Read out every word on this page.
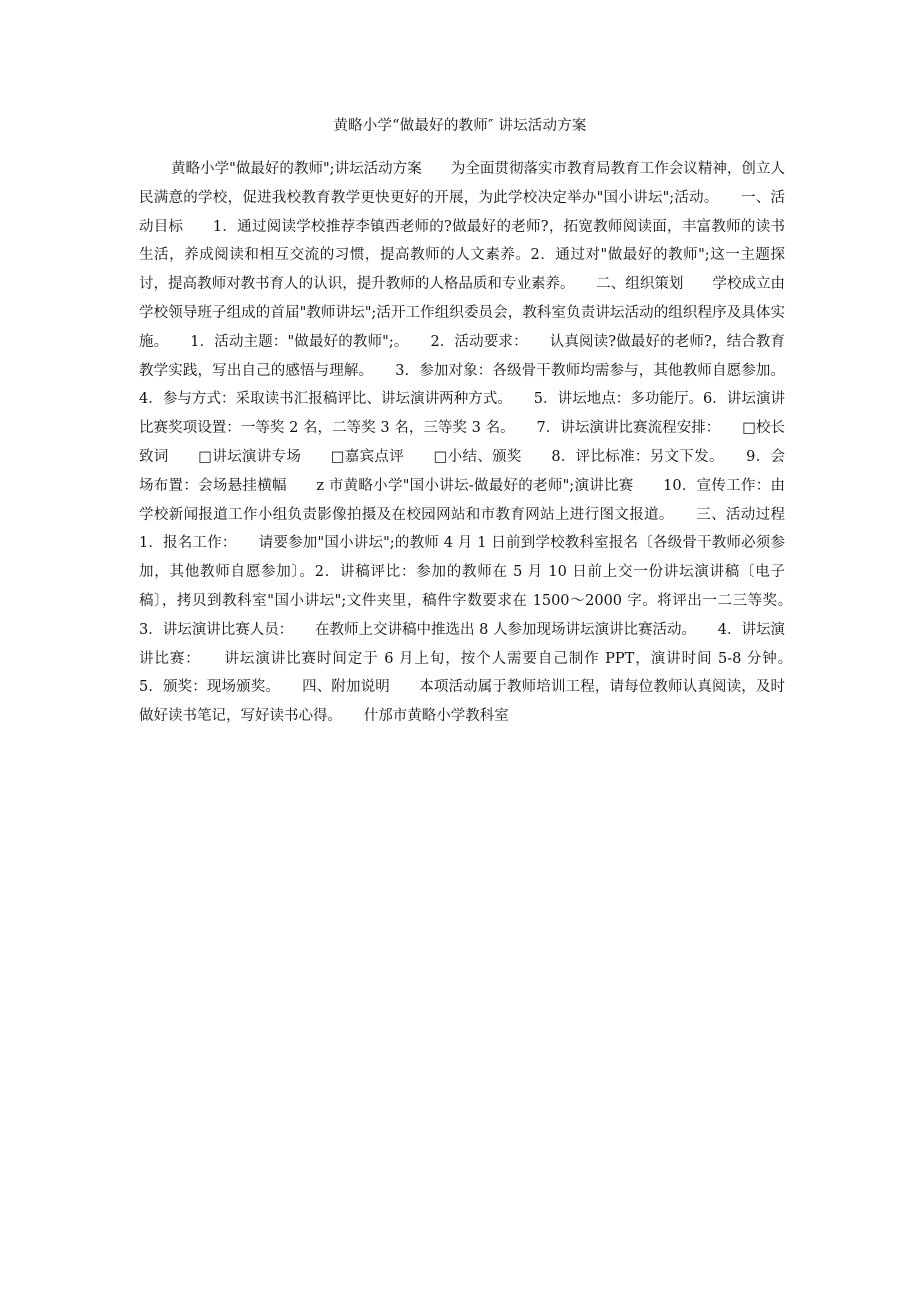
黄略小学“做最好的教师″ 讲坛活动方案

黄略小学"做最好的教师";讲坛活动方案　　为全面贯彻落实市教育局教育工作会议精神，创立人民满意的学校，促进我校教育教学更快更好的开展，为此学校决定举办"国小讲坛";活动。　　一、活动目标　　1．通过阅读学校推荐李镇西老师的?做最好的老师?，拓宽教师阅读面，丰富教师的读书生活，养成阅读和相互交流的习惯，提高教师的人文素养。2．通过对"做最好的教师";这一主题探讨，提高教师对教书育人的认识，提升教师的人格品质和专业素养。　　二、组织策划　　学校成立由学校领导班子组成的首届"教师讲坛";活开工作组织委员会，教科室负责讲坛活动的组织程序及具体实施。　　1．活动主题："做最好的教师";。　　2．活动要求：　　认真阅读?做最好的老师?，结合教育教学实践，写出自己的感悟与理解。　　3．参加对象：各级骨干教师均需参与，其他教师自愿参加。4．参与方式：采取读书汇报稿评比、讲坛演讲两种方式。　　5．讲坛地点：多功能厅。6．讲坛演讲比赛奖项设置：一等奖 2 名，二等奖 3 名，三等奖 3 名。　　7．讲坛演讲比赛流程安排：　　□校长致词　　□讲坛演讲专场　　□嘉宾点评　　□小结、颁奖　　8．评比标准：另文下发。　　9．会场布置：会场悬挂横幅　　z 市黄略小学"国小讲坛-做最好的老师";演讲比赛　　10．宣传工作：由学校新闻报道工作小组负责影像拍摄及在校园网站和市教育网站上进行图文报道。　　三、活动过程　　1．报名工作：　　请要参加"国小讲坛";的教师 4 月 1 日前到学校教科室报名〔各级骨干教师必须参加，其他教师自愿参加〕。2．讲稿评比：参加的教师在 5 月 10 日前上交一份讲坛演讲稿〔电子稿〕，拷贝到教科室"国小讲坛";文件夹里，稿件字数要求在 1500～2000 字。将评出一二三等奖。　　3．讲坛演讲比赛人员：　　在教师上交讲稿中推选出 8 人参加现场讲坛演讲比赛活动。　　4．讲坛演讲比赛：　　讲坛演讲比赛时间定于 6 月上旬，按个人需要自己制作 PPT，演讲时间 5-8 分钟。　　5．颁奖：现场颁奖。　　四、附加说明　　本项活动属于教师培训工程，请每位教师认真阅读，及时做好读书笔记，写好读书心得。　　什邡市黄略小学教科室
